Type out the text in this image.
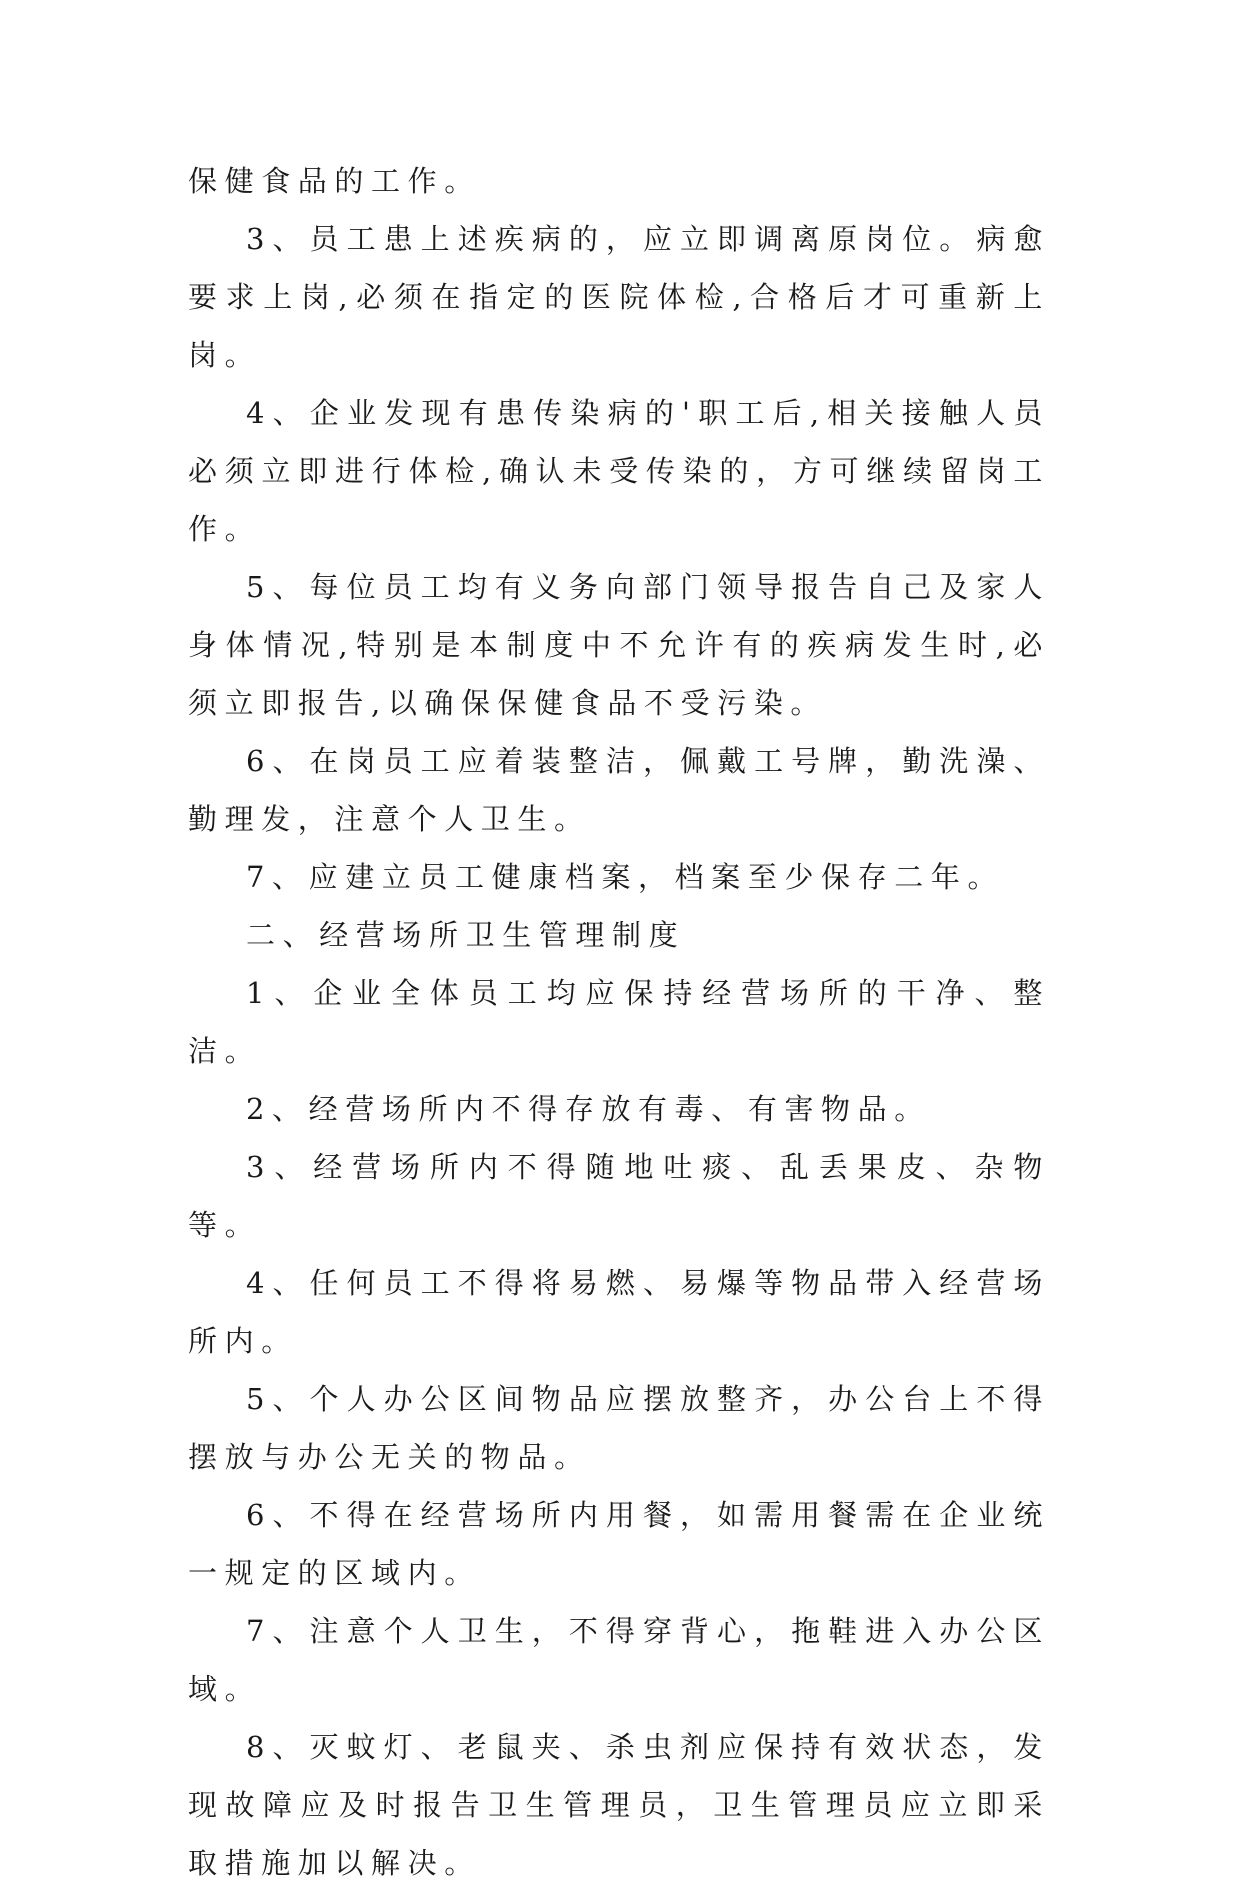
保健食品的工作。

3、员工患上述疾病的，应立即调离原岗位。病愈要求上岗,必须在指定的医院体检,合格后才可重新上岗。

4、企业发现有患传染病的'职工后,相关接触人员必须立即进行体检,确认未受传染的，方可继续留岗工作。

5、每位员工均有义务向部门领导报告自己及家人身体情况,特别是本制度中不允许有的疾病发生时,必须立即报告,以确保保健食品不受污染。

6、在岗员工应着装整洁，佩戴工号牌，勤洗澡、勤理发，注意个人卫生。

7、应建立员工健康档案，档案至少保存二年。

二、经营场所卫生管理制度

1、企业全体员工均应保持经营场所的干净、整洁。

2、经营场所内不得存放有毒、有害物品。

3、经营场所内不得随地吐痰、乱丢果皮、杂物等。

4、任何员工不得将易燃、易爆等物品带入经营场所内。

5、个人办公区间物品应摆放整齐，办公台上不得摆放与办公无关的物品。

6、不得在经营场所内用餐，如需用餐需在企业统一规定的区域内。

7、注意个人卫生，不得穿背心，拖鞋进入办公区域。

8、灭蚊灯、老鼠夹、杀虫剂应保持有效状态，发现故障应及时报告卫生管理员，卫生管理员应立即采取措施加以解决。
